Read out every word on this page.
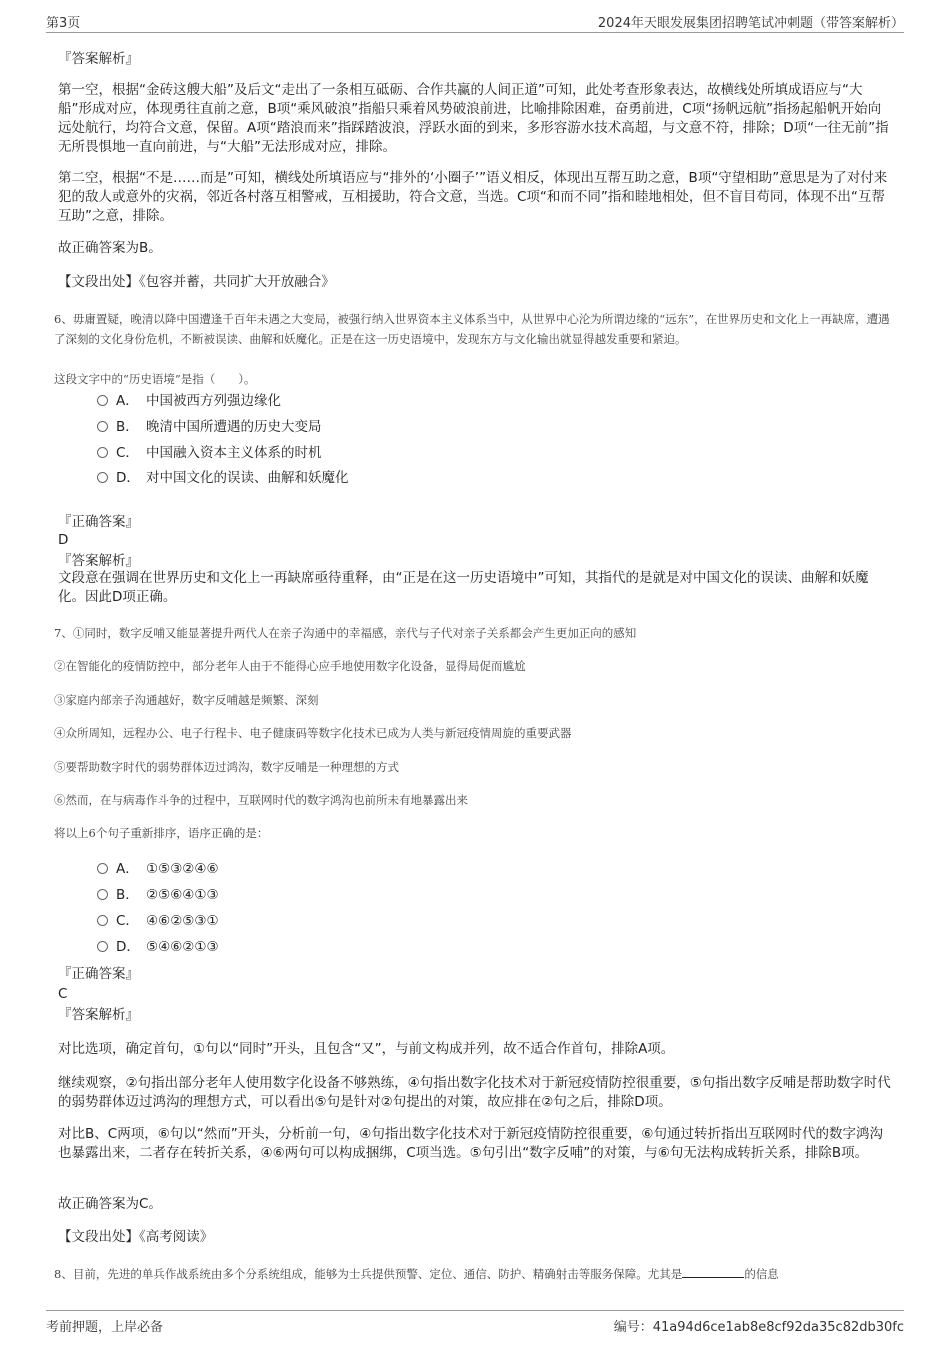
第3页	2024年天眼发展集团招聘笔试冲刺题（带答案解析）
『答案解析』
第一空，根据“金砖这艘大船”及后文“走出了一条相互砥砺、合作共赢的人间正道”可知，此处考查形象表达，故横线处所填成语应与“大船”形成对应，体现勇往直前之意，B项“乘风破浪”指船只乘着风势破浪前进，比喻排除困难，奋勇前进，C项“扬帆远航”指扬起船帆开始向远处航行，均符合文意，保留。A项“踏浪而来”指踩踏波浪，浮跃水面的到来，多形容游水技术高超，与文意不符，排除；D项“一往无前”指无所畏惧地一直向前进，与“大船”无法形成对应，排除。
第二空，根据“不是……而是”可知，横线处所填语应与“排外的‘小圈子’”语义相反，体现出互帮互助之意，B项“守望相助”意思是为了对付来犯的敌人或意外的灾祸，邻近各村落互相警戒，互相援助，符合文意，当选。C项“和而不同”指和睦地相处，但不盲目苟同，体现不出“互帮互助”之意，排除。
故正确答案为B。
【文段出处】《包容并蓄，共同扩大开放融合》
6、毋庸置疑，晚清以降中国遭逢千百年未遇之大变局，被强行纳入世界资本主义体系当中，从世界中心沦为所谓边缘的“远东”，在世界历史和文化上一再缺席，遭遇了深刻的文化身份危机，不断被误读、曲解和妖魔化。正是在这一历史语境中，发现东方与文化输出就显得越发重要和紧迫。
这段文字中的“历史语境”是指（　　）。
A． 中国被西方列强边缘化
B． 晚清中国所遭遇的历史大变局
C． 中国融入资本主义体系的时机
D． 对中国文化的误读、曲解和妖魔化
『正确答案』
D
『答案解析』
文段意在强调在世界历史和文化上一再缺席亟待重释，由“正是在这一历史语境中”可知，其指代的是就是对中国文化的误读、曲解和妖魔化。因此D项正确。
7、①同时，数字反哺又能显著提升两代人在亲子沟通中的幸福感，亲代与子代对亲子关系都会产生更加正向的感知
②在智能化的疫情防控中，部分老年人由于不能得心应手地使用数字化设备，显得局促而尴尬
③家庭内部亲子沟通越好，数字反哺越是频繁、深刻
④众所周知，远程办公、电子行程卡、电子健康码等数字化技术已成为人类与新冠疫情周旋的重要武器
⑤要帮助数字时代的弱势群体迈过鸿沟，数字反哺是一种理想的方式
⑥然而，在与病毒作斗争的过程中，互联网时代的数字鸿沟也前所未有地暴露出来
将以上6个句子重新排序，语序正确的是：
A． ①⑤③②④⑥
B． ②⑤⑥④①③
C． ④⑥②⑤③①
D． ⑤④⑥②①③
『正确答案』
C
『答案解析』
对比选项，确定首句，①句以“同时”开头，且包含“又”，与前文构成并列，故不适合作首句，排除A项。
继续观察，②句指出部分老年人使用数字化设备不够熟练，④句指出数字化技术对于新冠疫情防控很重要，⑤句指出数字反哺是帮助数字时代的弱势群体迈过鸿沟的理想方式，可以看出⑤句是针对②句提出的对策，故应排在②句之后，排除D项。
对比B、C两项，⑥句以“然而”开头，分析前一句，④句指出数字化技术对于新冠疫情防控很重要，⑥句通过转折指出互联网时代的数字鸿沟也暴露出来，二者存在转折关系，④⑥两句可以构成捆绑，C项当选。⑤句引出“数字反哺”的对策，与⑥句无法构成转折关系，排除B项。
故正确答案为C。
【文段出处】《高考阅读》
8、目前，先进的单兵作战系统由多个分系统组成，能够为士兵提供预警、定位、通信、防护、精确射击等服务保障。尤其是	的信息
考前押题，上岸必备	编号：41a94d6ce1ab8e8cf92da35c82db30fc
